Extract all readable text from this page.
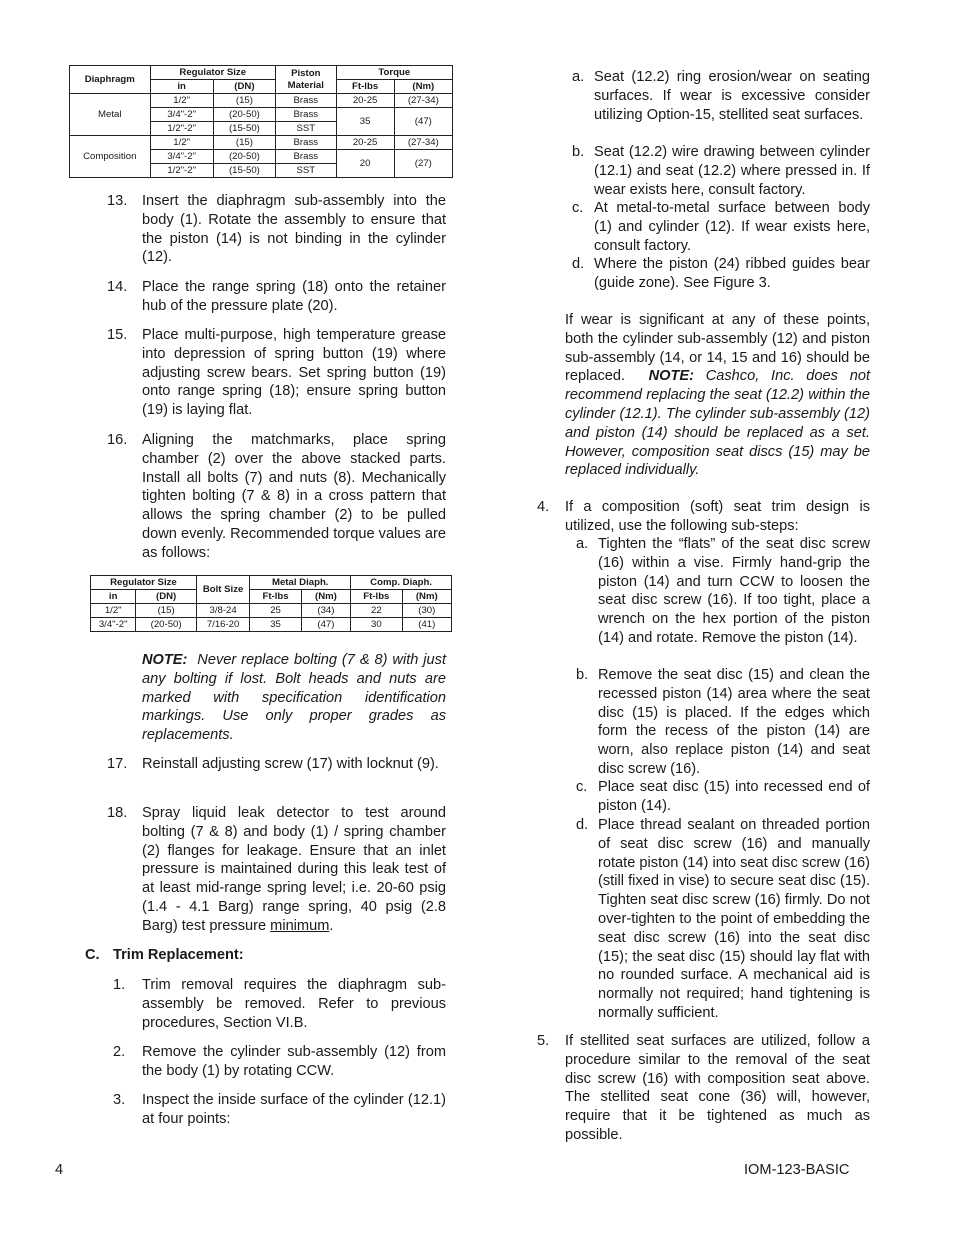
Diaphragm	Regulator Size		Piston Material	Torque	
	in	(DN)		Ft-lbs	(Nm)
Metal	1/2"	(15)	Brass	20-25	(27-34)
	3/4"-2"	(20-50)	Brass	35	(47)
	1/2"-2"	(15-50)	SST		
Composition	1/2"	(15)	Brass	20-25	(27-34)
	3/4"-2"	(20-50)	Brass	20	(27)
	1/2"-2"	(15-50)	SST		
13.	Insert the diaphragm sub-assembly into the body (1). Rotate the assembly to ensure that the piston (14) is not binding in the cylinder (12).
14.	Place the range spring (18) onto the retainer hub of the pressure plate (20).
15.	Place multi-purpose, high temperature grease into depression of spring button (19) where adjusting screw bears. Set spring button (19) onto range spring (18); ensure spring button (19) is laying flat.
16.	Aligning the matchmarks, place spring chamber (2) over the above stacked parts. Install all bolts (7) and nuts (8). Mechanically tighten bolting (7 & 8) in a cross pattern that allows the spring chamber (2) to be pulled down evenly. Recommended torque values are as follows:
Regulator Size		Bolt Size	Metal Diaph.		Comp. Diaph.	
in	(DN)		Ft-lbs	(Nm)	Ft-lbs	(Nm)
1/2"	(15)	3/8-24	25	(34)	22	(30)
3/4"-2"	(20-50)	7/16-20	35	(47)	30	(41)

NOTE: Never replace bolting (7 & 8) with just any bolting if lost. Bolt heads and nuts are marked with specification identification markings. Use only proper grades as replacements.

17.	Reinstall adjusting screw (17) with locknut (9).
18.	Spray liquid leak detector to test around bolting (7 & 8) and body (1) / spring chamber (2) flanges for leakage. Ensure that an inlet pressure is maintained during this leak test of at least mid-range spring level; i.e. 20-60 psig (1.4 - 4.1 Barg) range spring, 40 psig (2.8 Barg) test pressure minimum.
C. Trim Replacement:
1.	Trim removal requires the diaphragm sub-assembly be removed. Refer to previous procedures, Section VI.B.
2.	Remove the cylinder sub-assembly (12) from the body (1) by rotating CCW.
3.	Inspect the inside surface of the cylinder (12.1) at four points:
a. Seat (12.2) ring erosion/wear on seating surfaces. If wear is excessive consider utilizing Option-15, stellited seat surfaces.
b. Seat (12.2) wire drawing between cylinder (12.1) and seat (12.2) where pressed in. If wear exists here, consult factory.
c. At metal-to-metal surface between body (1) and cylinder (12). If wear exists here, consult factory.
d. Where the piston (24) ribbed guides bear (guide zone). See Figure 3.

If wear is significant at any of these points, both the cylinder sub-assembly (12) and piston sub-assembly (14, or 14, 15 and 16) should be replaced. NOTE: Cashco, Inc. does not recommend replacing the seat (12.2) within the cylinder (12.1). The cylinder sub-assembly (12) and piston (14) should be replaced as a set. However, composition seat discs (15) may be replaced individually.

4.	If a composition (soft) seat trim design is utilized, use the following sub-steps:
a. Tighten the “flats” of the seat disc screw (16) within a vise. Firmly hand-grip the piston (14) and turn CCW to loosen the seat disc screw (16). If too tight, place a wrench on the hex portion of the piston (14) and rotate. Remove the piston (14).
b. Remove the seat disc (15) and clean the recessed piston (14) area where the seat disc (15) is placed. If the edges which form the recess of the piston (14) are worn, also replace piston (14) and seat disc screw (16).
c. Place seat disc (15) into recessed end of piston (14).
d. Place thread sealant on threaded portion of seat disc screw (16) and manually rotate piston (14) into seat disc screw (16) (still fixed in vise) to secure seat disc (15). Tighten seat disc screw (16) firmly. Do not over-tighten to the point of embedding the seat disc screw (16) into the seat disc (15); the seat disc (15) should lay flat with no rounded surface. A mechanical aid is normally not required; hand tightening is normally sufficient.
5.	If stellited seat surfaces are utilized, follow a procedure similar to the removal of the seat disc screw (16) with composition seat above. The stellited seat cone (36) will, however, require that it be tightened as much as possible.
4	IOM-123-BASIC
